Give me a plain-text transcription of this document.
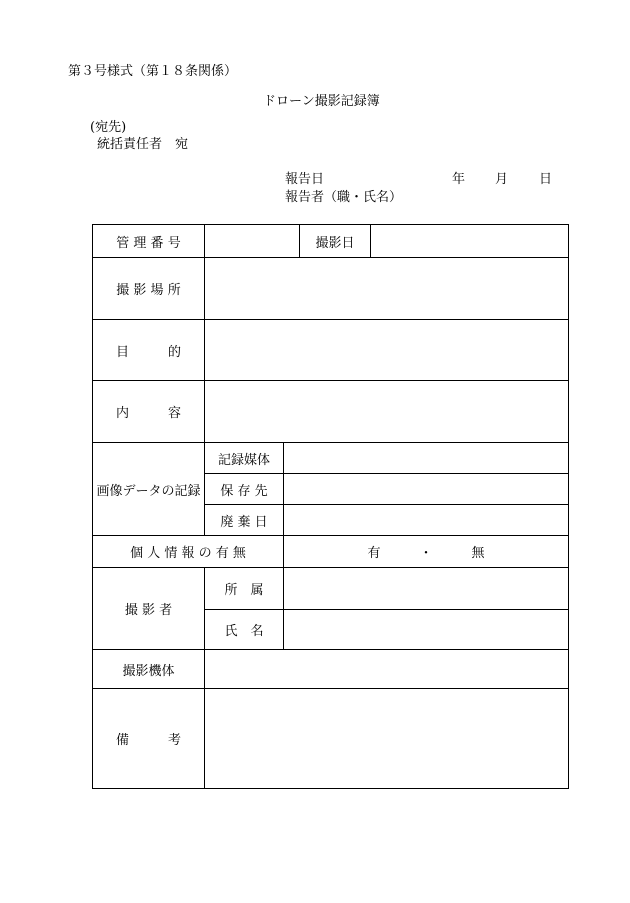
第３号様式（第１８条関係）
ドローン撮影記録簿
(宛先)
統括責任者　宛
報告日	年 月 日
報告者（職・氏名）
管 理 番 号			撮影日	
撮 影 場 所				
目　　　的				
内　　　容				
画像データの記録	記録媒体			
	保 存 先			
	廃 棄 日			
個 人 情 報 の 有 無		有　　　・　　　無		
撮 影 者	所　属			
	氏　名			
撮影機体				
備　　　考				
